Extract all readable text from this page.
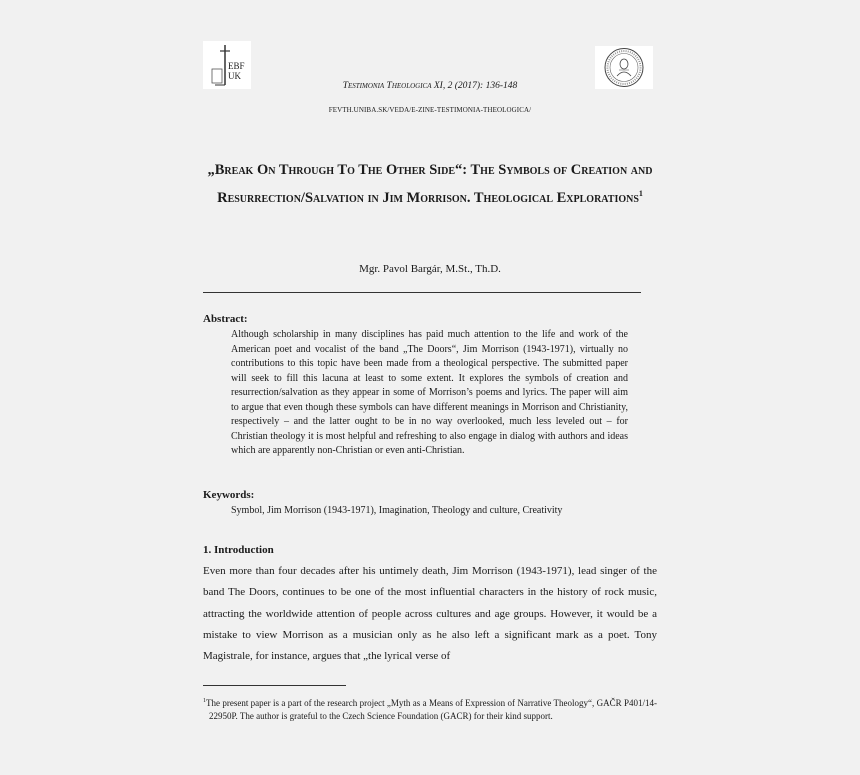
EBF
UK
Testimonia Theologica XI, 2 (2017): 136-148
FEVTH.UNIBA.SK/VEDA/E-ZINE-TESTIMONIA-THEOLOGICA/
„Break On Through To The Other Side“: The Symbols of Creation and Resurrection/Salvation in Jim Morrison. Theological Explorations$^1$
Mgr. Pavol Bargár, M.St., Th.D.
Abstract:
Although scholarship in many disciplines has paid much attention to the life and work of the American poet and vocalist of the band „The Doors“, Jim Morrison (1943-1971), virtually no contributions to this topic have been made from a theological perspective. The submitted paper will seek to fill this lacuna at least to some extent. It explores the symbols of creation and resurrection/salvation as they appear in some of Morrison’s poems and lyrics. The paper will aim to argue that even though these symbols can have different meanings in Morrison and Christianity, respectively – and the latter ought to be in no way overlooked, much less leveled out – for Christian theology it is most helpful and refreshing to also engage in dialog with authors and ideas which are apparently non-Christian or even anti-Christian.
Keywords:
Symbol, Jim Morrison (1943-1971), Imagination, Theology and culture, Creativity
1. Introduction
Even more than four decades after his untimely death, Jim Morrison (1943-1971), lead singer of the band The Doors, continues to be one of the most influential characters in the history of rock music, attracting the worldwide attention of people across cultures and age groups. However, it would be a mistake to view Morrison as a musician only as he also left a significant mark as a poet. Tony Magistrale, for instance, argues that „the lyrical verse of
$^1$The present paper is a part of the research project „Myth as a Means of Expression of Narrative Theology“, GAČR P401/14-22950P. The author is grateful to the Czech Science Foundation (GACR) for their kind support.
